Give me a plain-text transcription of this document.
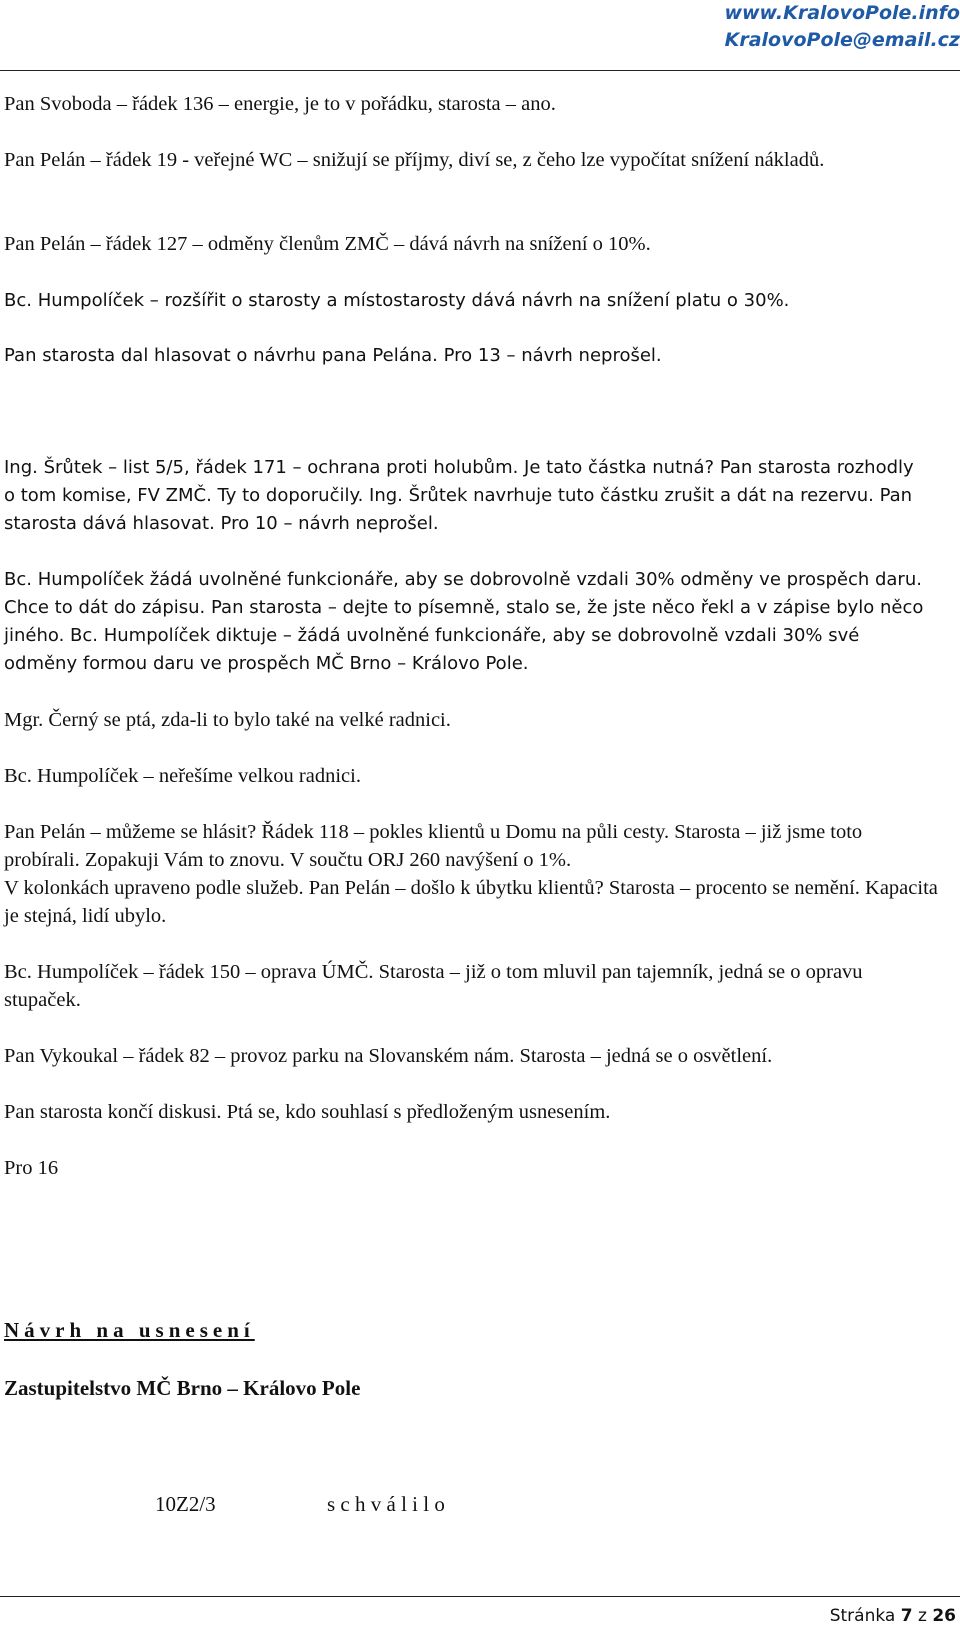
www.KralovoPole.info
KralovoPole@email.cz

Pan Svoboda – řádek 136 – energie, je to v pořádku, starosta – ano.

Pan Pelán – řádek 19 - veřejné WC – snižují se příjmy, diví se, z čeho lze vypočítat snížení nákladů.

Pan Pelán – řádek 127 – odměny členům ZMČ – dává návrh na snížení o 10%.

Bc. Humpolíček – rozšířit o starosty a místostarosty dává návrh na snížení platu o 30%.

Pan starosta dal hlasovat o návrhu pana Pelána. Pro 13 – návrh neprošel.

Ing. Šrůtek – list 5/5, řádek 171 – ochrana proti holubům. Je tato částka nutná? Pan starosta rozhodly o tom komise, FV ZMČ. Ty to doporučily. Ing. Šrůtek navrhuje tuto částku zrušit a dát na rezervu. Pan starosta dává hlasovat. Pro 10 – návrh neprošel.

Bc. Humpolíček žádá uvolněné funkcionáře, aby se dobrovolně vzdali 30% odměny ve prospěch daru. Chce to dát do zápisu. Pan starosta – dejte to písemně, stalo se, že jste něco řekl a v zápise bylo něco jiného. Bc. Humpolíček diktuje – žádá uvolněné funkcionáře, aby se dobrovolně vzdali 30% své odměny formou daru ve prospěch MČ Brno – Královo Pole.

Mgr. Černý se ptá, zda-li to bylo také na velké radnici.

Bc. Humpolíček – neřešíme velkou radnici.

Pan Pelán – můžeme se hlásit? Řádek 118 – pokles klientů u Domu na půli cesty. Starosta – již jsme toto probírali. Zopakuji Vám to znovu. V součtu ORJ 260 navýšení o 1%.

V kolonkách upraveno podle služeb. Pan Pelán – došlo k úbytku klientů? Starosta – procento se nemění. Kapacita je stejná, lidí ubylo.

Bc. Humpolíček – řádek 150 – oprava ÚMČ. Starosta – již o tom mluvil pan tajemník, jedná se o opravu stupaček.

Pan Vykoukal – řádek 82 – provoz parku na Slovanském nám. Starosta – jedná se o osvětlení.

Pan starosta končí diskusi. Ptá se, kdo souhlasí s předloženým usnesením.

Pro 16

Návrh na usnesení

Zastupitelstvo MČ Brno – Královo Pole

10Z2/3	s c h v á l i l o

Stránka 7 z 26
